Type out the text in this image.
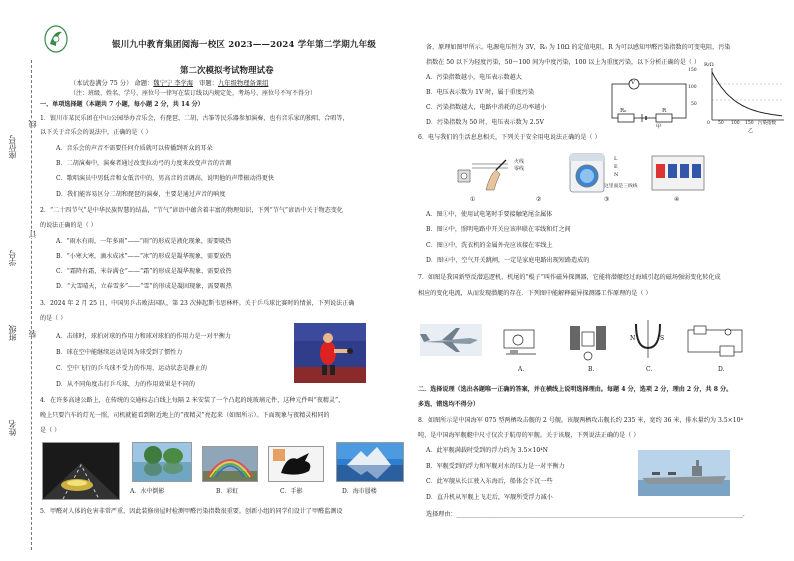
座位号
学号
班级
姓名
线
订
装
银川九中教育集团阅海一校区 2023——2024 学年第二学期九年级
第二次模拟考试物理试卷
（本试卷满分 75 分） 命题：魏宁宁 李学海 审题：九年级物理备课组
（注：班级、姓名、学号、座位号一律写在装订线以内规定处，考场号、座位号不写不得分）
一、单项选择题（本题共 7 小题，每小题 2 分，共 14 分）
1．银川市某民乐团在中山公园举办音乐会，有琵琶、二胡、古筝等民乐器参加演奏，也有音乐家的独唱、合唱等，
以下关于音乐会的说法中，正确的是（ ）
A．音乐会的声音不需要任何介质就可以传播到听众的耳朵
B．二胡演奏中，演奏者通过改变拉动弓的力度来改变声音的音调
C．歌唱演员中男低音和女低音中的，男高音的音调高，说明他的声带振动得更快
D．我们能容易区分二胡和琵琶的演奏，主要是通过声音的响度
2．“二十四节气”是中华民族智慧的结晶，“节气”谚语中蕴含着丰富的物理知识，下列“节气”谚语中关于物态变化
的说法正确的是（ ）
A．“雨水有雨，一年多雨”——“雨”的形成是液化现象，需要吸热
B．“小寒大寒，滴水成冰”——“冰”的形成是凝华现象，需要放热
C．“霜降有霜，米谷满仓”——“霜”的形成是凝华现象，需要放热
D．“大雪晴天，立春雪多”——“雪”的形成是凝固现象，需要吸热
3．2024 年 2 月 25 日，中国男乒击败法国队，第 23 次捧起斯韦思林杯。关于乒乓球比赛时的情景，下列说法正确
的是（ ）
A．击球时，球拍对球的作用力和球对球拍的作用力是一对平衡力
B．球在空中能继续运动是因为球受到了惯性力
C．空中飞行的乒乓球不受力的作用，运动状态是静止的
D．从不同角度击打乒乓球，力的作用效果是不同的
4．在许多高速公路上，在传统的交通标志白线上每隔 2 米安装了一个凸起的纯玻璃元件，这种元件叫“夜精灵”，
晚上只要汽车的灯光一照，司机就能看到附近地上的“夜精灵”亮起来（如图所示）。下面现象与夜精灵相同的
是（ ）
A．水中倒影	B．彩虹	C．手影	D．海市蜃楼
5．甲醛对人体的危害非常严重，因此装修房屋时检测甲醛污染指数很重要。创新小组的同学们设计了甲醛监测设
备，原理如图甲所示。电源电压恒为 3V，R₀ 为 10Ω 的定值电阻，R 为可以感知甲醛污染指数的可变电阻，污染
指数在 50 以下为轻度污染，50～100 间为中度污染，100 以上为重度污染，以下分析正确的是（ ）
A．污染指数越小，电压表示数越大
B．电压表示数为 1V 时，属于重度污染
C．污染指数越大，电路中消耗的总功率越小
D．污染指数为 50 时，电压表示数为 2.5V
甲
V
R₀	R
R/Ω
150
100
50
0 50 100 150 污染指数
乙
6．电与我们的生活息息相关，下列关于安全用电说法正确的是（ ）
火线
零线
L
E
N
这里面是三线线
①	②	③	④
A．图①中，使用试电笔时手要接触笔尾金属体
B．图②中，照明电路中开关应该串联在零线和灯之间
C．图③中，洗衣机的金属外壳应该接在零线上
D．图④中，空气开关跳闸，一定是家庭电路出现短路造成的
7．如图是我国新型反潜巡逻机，机尾的“棍子”叫作磁异探测器，它能将潜艇经过海域引起的磁场强弱变化转化成
相应的变化电流，从而发现潜艇的存在．下列图中能解释磁异探测器工作原理的是（ ）
N	S
A.	B.	C.	D.
二．选择说理（选出各题唯一正确的答案，并在横线上说明选择理由。每题 4 分，选项 2 分，理由 2 分，共 8 分。
多选、错选均不得分）
8．如图所示是中国海军 075 型两栖攻击舰的 2 号舰。该舰两栖攻击舰长约 235 米，宽约 36 米，排水量约为 3.5×10⁴
吨，是中国海军舰艇中尺寸仅次于航母的军舰。关于该舰，下列说法正确的是（ ）
A．此军舰满载时受到的浮力约为 3.5×10⁴N
B．军舰受到的浮力和军舰对水的压力是一对平衡力
C．此军舰从长江驶入东海后，船体会下沉一些
D．直升机从军舰上飞走后，军舰所受浮力减小
选择理由：______________________________________________________________________________________________.
